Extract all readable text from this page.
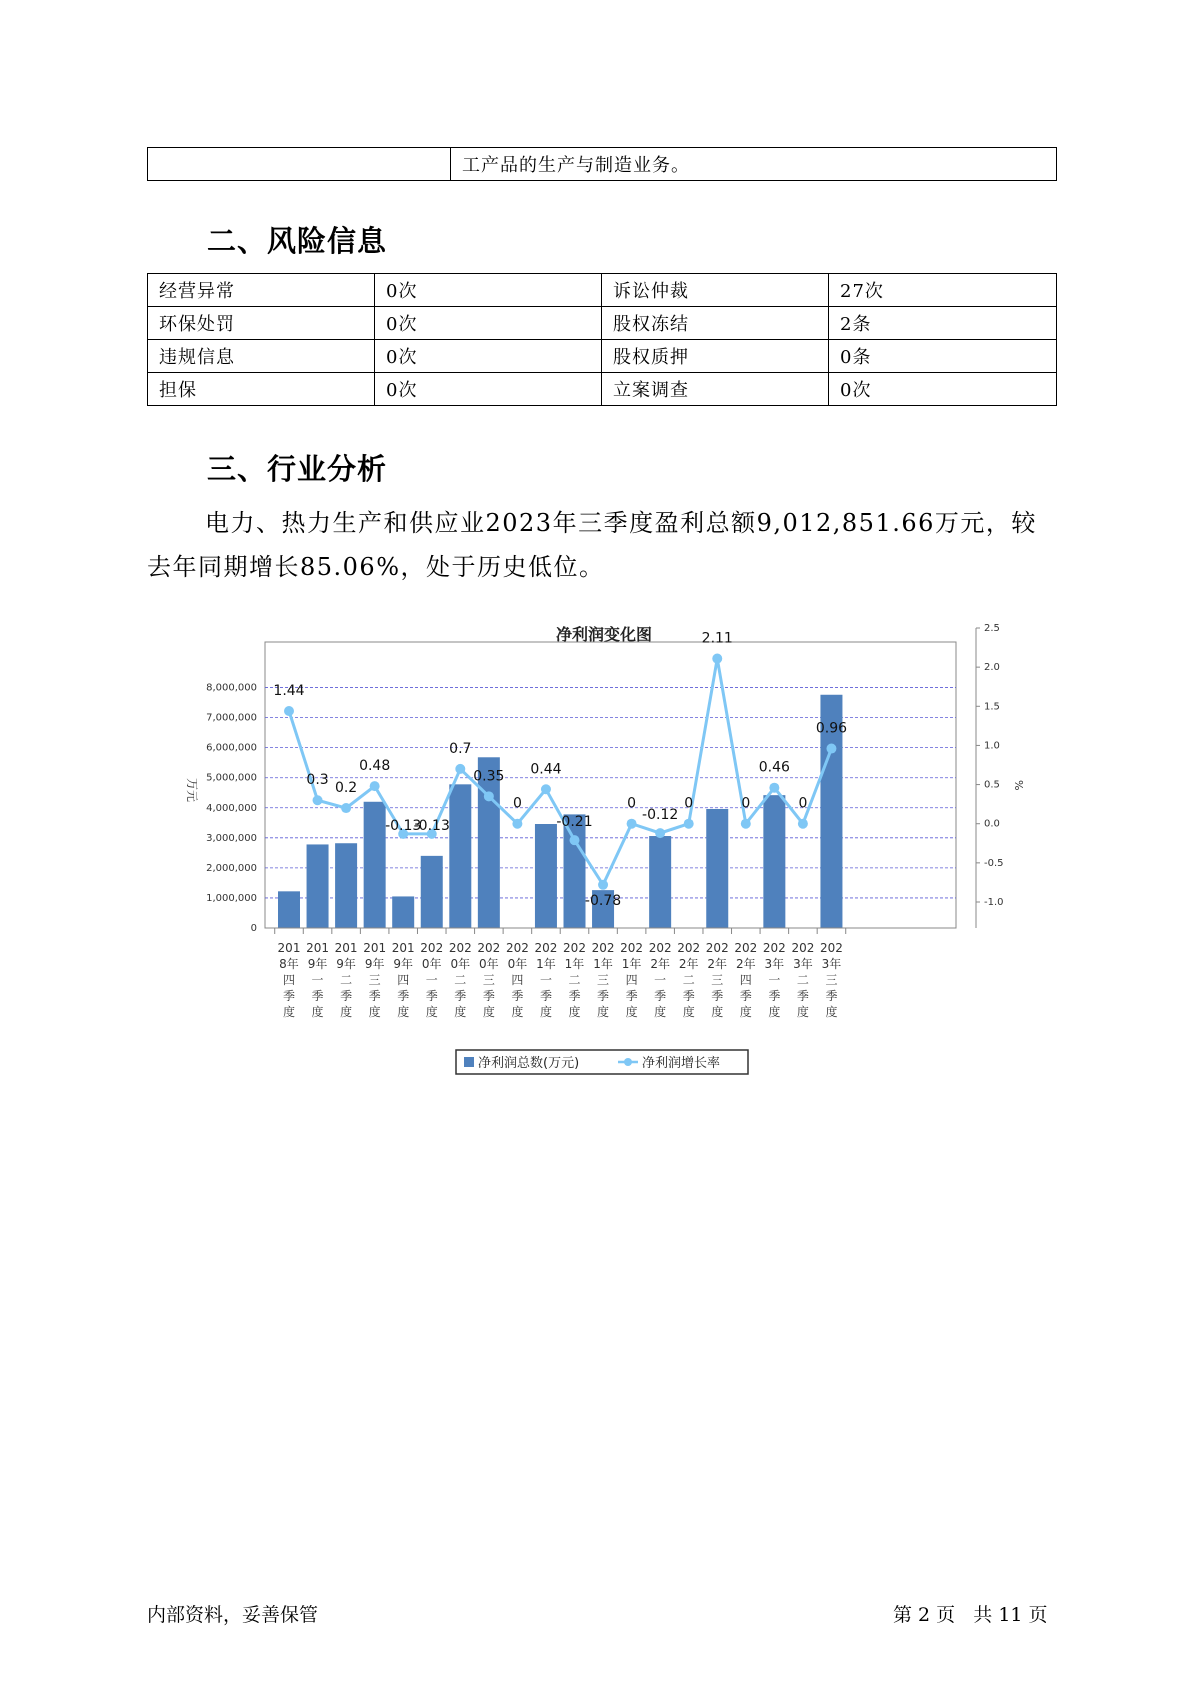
	工产品的生产与制造业务。
二、风险信息
经营异常	0次	诉讼仲裁	27次
环保处罚	0次	股权冻结	2条
违规信息	0次	股权质押	0条
担保	0次	立案调查	0次
三、行业分析
电力、热力生产和供应业2023年三季度盈利总额9,012,851.66万元，较去年同期增长85.06%，处于历史低位。
净利润变化图
0
1,000,000
2,000,000
3,000,000
4,000,000
5,000,000
6,000,000
7,000,000
8,000,000
万元
-1.0
-0.5
0.0
0.5
1.0
1.5
2.0
2.5
%
201
8年
四
季
度
201
9年
一
季
度
201
9年
二
季
度
201
9年
三
季
度
201
9年
四
季
度
202
0年
一
季
度
202
0年
二
季
度
202
0年
三
季
度
202
0年
四
季
度
202
1年
一
季
度
202
1年
二
季
度
202
1年
三
季
度
202
1年
四
季
度
202
2年
一
季
度
202
2年
二
季
度
202
2年
三
季
度
202
2年
四
季
度
202
3年
一
季
度
202
3年
二
季
度
202
3年
三
季
度
1.44
0.3 0.2
0.48
-0.13
-0.13
0.7
0.35
0
0.44
-0.21
-0.78
0
-0.12
0
2.11
0
0.46
0
0.96
净利润总数(万元)	净利润增长率
内部资料，妥善保管	第 2 页   共 11 页
